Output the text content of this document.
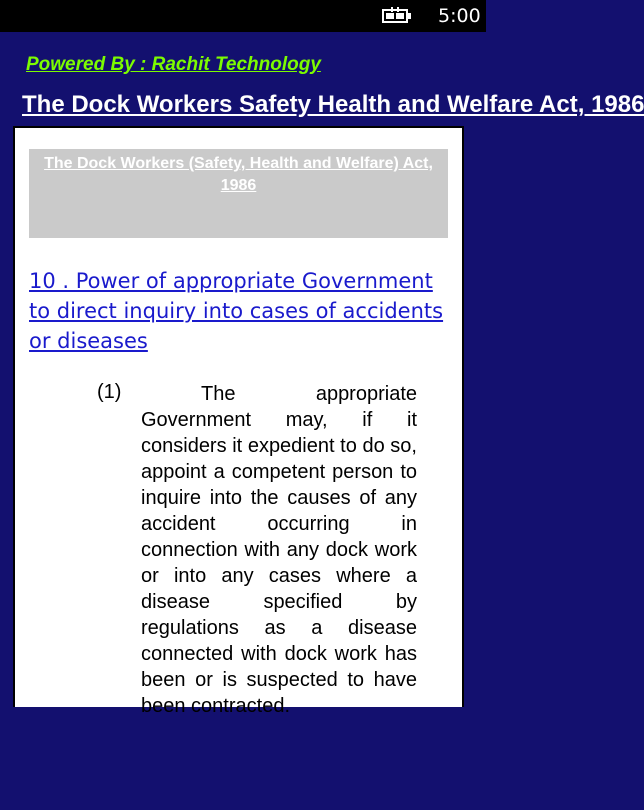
5:00
Powered By : Rachit Technology
The Dock Workers Safety Health and Welfare Act, 1986
The Dock Workers (Safety, Health and Welfare) Act, 1986
10 . Power of appropriate Government to direct inquiry into cases of accidents or diseases
(1)	The appropriate Government may, if it considers it expedient to do so, appoint a competent person to inquire into the causes of any accident occurring in connection with any dock work or into any cases where a disease specified by regulations as a disease connected with dock work has been or is suspected to have been contracted.
